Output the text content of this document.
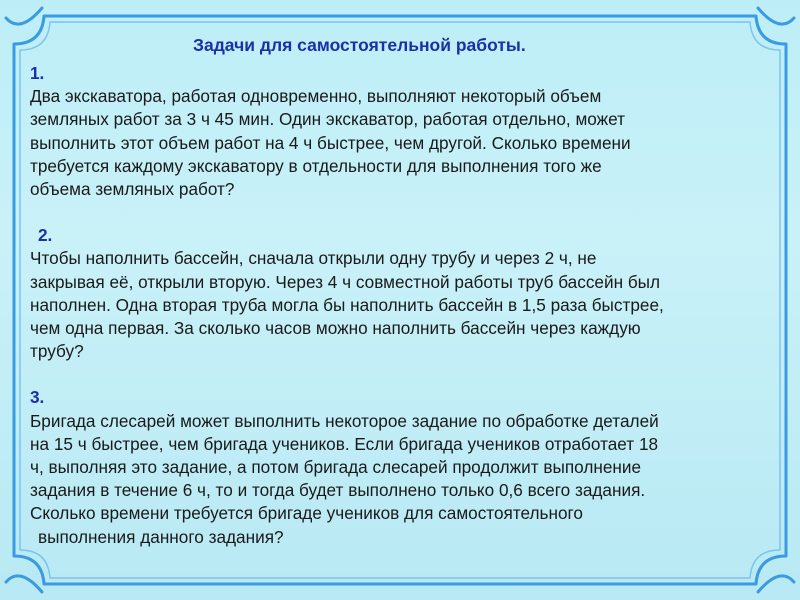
Задачи для самостоятельной работы.
1.

Два экскаватора, работая одновременно, выполняют некоторый объем
земляных работ за 3 ч 45 мин. Один экскаватор, работая отдельно, может
выполнить этот объем работ на 4 ч быстрее, чем другой. Сколько времени
требуется каждому экскаватору в отдельности для выполнения того же
объема земляных работ?

2.

Чтобы наполнить бассейн, сначала открыли одну трубу и через 2 ч, не
закрывая её, открыли вторую. Через 4 ч совместной работы труб бассейн был
наполнен. Одна вторая труба могла бы наполнить бассейн в 1,5 раза быстрее,
чем одна первая. За сколько часов можно наполнить бассейн через каждую
трубу?

3.

Бригада слесарей может выполнить некоторое задание по обработке деталей
на 15 ч быстрее, чем бригада учеников. Если бригада учеников отработает 18
ч, выполняя это задание, а потом бригада слесарей продолжит выполнение
задания в течение 6 ч, то и тогда будет выполнено только 0,6 всего задания.
Сколько времени требуется бригаде учеников для самостоятельного

выполнения данного задания?
